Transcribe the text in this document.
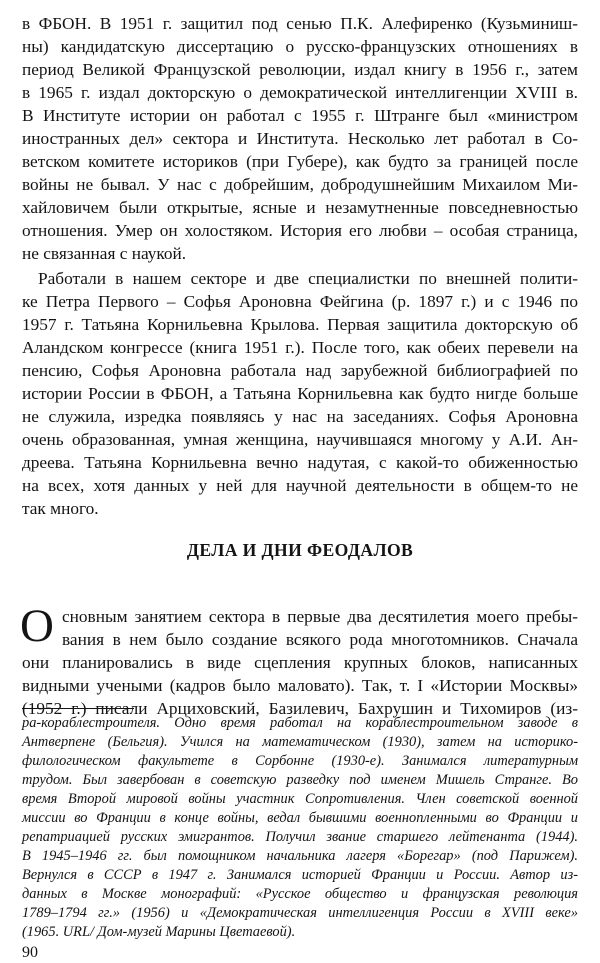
в ФБОН. В 1951 г. защитил под сенью П.К. Алефиренко (Кузьминиш-
ны) кандидатскую диссертацию о русско-французских отношениях в
период Великой Французской революции, издал книгу в 1956 г., затем
в 1965 г. издал докторскую о демократической интеллигенции XVIII в.
В Институте истории он работал с 1955 г. Штранге был «министром
иностранных дел» сектора и Института. Несколько лет работал в Со-
ветском комитете историков (при Губере), как будто за границей после
войны не бывал. У нас с добрейшим, добродушнейшим Михаилом Ми-
хайловичем были открытые, ясные и незамутненные повседневностью
отношения. Умер он холостяком. История его любви – особая страница,
не связанная с наукой.
Работали в нашем секторе и две специалистки по внешней полити-
ке Петра Первого – Софья Ароновна Фейгина (р. 1897 г.) и с 1946 по
1957 г. Татьяна Корнильевна Крылова. Первая защитила докторскую об
Аландском конгрессе (книга 1951 г.). После того, как обеих перевели на
пенсию, Софья Ароновна работала над зарубежной библиографией по
истории России в ФБОН, а Татьяна Корнильевна как будто нигде больше
не служила, изредка появляясь у нас на заседаниях. Софья Ароновна
очень образованная, умная женщина, научившаяся многому у А.И. Ан-
дреева. Татьяна Корнильевна вечно надутая, с какой-то обиженностью
на всех, хотя данных у ней для научной деятельности в общем-то не
так много.
ДЕЛА И ДНИ ФЕОДАЛОВ
О сновным занятием сектора в первые два десятилетия моего пребы-
вания в нем было создание всякого рода многотомников. Сначала
они планировались в виде сцепления крупных блоков, написанных
видными учеными (кадров было маловато). Так, т. I «Истории Москвы»
(1952 г.) писали Арциховский, Базилевич, Бахрушин и Тихомиров (из-
ра-кораблестроителя. Одно время работал на кораблестроительном заводе в
Антверпене (Бельгия). Учился на математическом (1930), затем на историко-
филологическом факультете в Сорбонне (1930-е). Занимался литературным
трудом. Был завербован в советскую разведку под именем Мишель Странге. Во
время Второй мировой войны участник Сопротивления. Член советской военной
миссии во Франции в конце войны, ведал бывшими военнопленными во Франции и
репатриацией русских эмигрантов. Получил звание старшего лейтенанта (1944).
В 1945–1946 гг. был помощником начальника лагеря «Борегар» (под Парижем).
Вернулся в СССР в 1947 г. Занимался историей Франции и России. Автор из-
данных в Москве монографий: «Русское общество и французская революция
1789–1794 гг.» (1956) и «Демократическая интеллигенция России в XVIII веке»
(1965. URL/ Дом-музей Марины Цветаевой).
90
